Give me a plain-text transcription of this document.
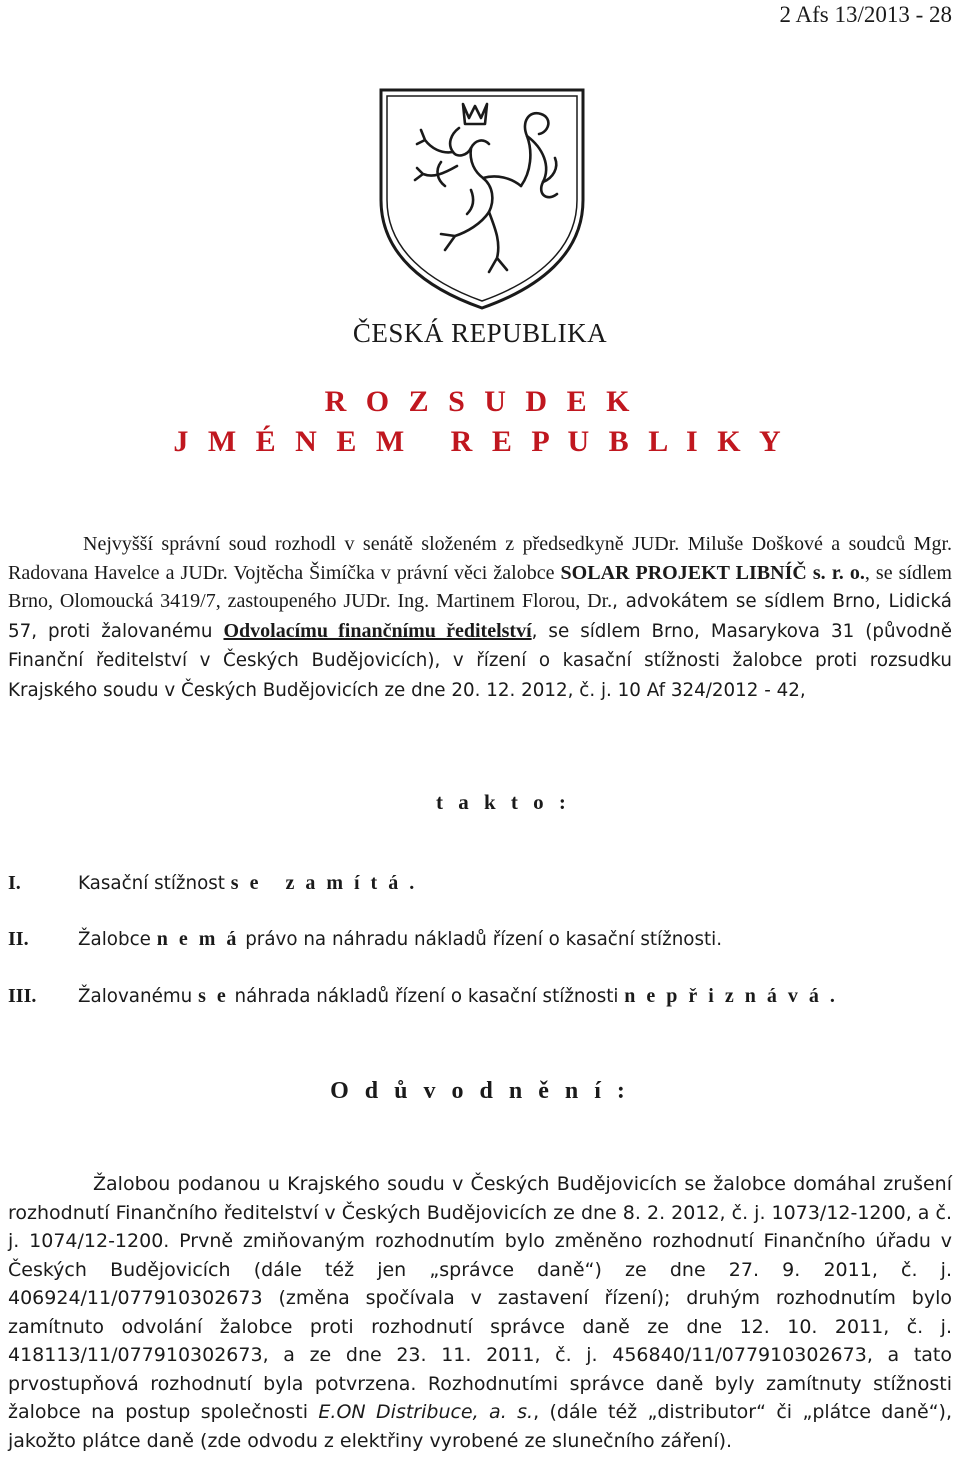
2 Afs 13/2013 - 28
ČESKÁ REPUBLIKA
R O Z S U D E K
J M É N E M   R E P U B L I K Y
Nejvyšší správní soud rozhodl v senátě složeném z předsedkyně JUDr. Miluše Doškové a soudců Mgr. Radovana Havelce a JUDr. Vojtěcha Šimíčka v právní věci žalobce SOLAR PROJEKT LIBNÍČ s. r. o., se sídlem Brno, Olomoucká 3419/7, zastoupeného JUDr. Ing. Martinem Florou, Dr., advokátem se sídlem Brno, Lidická 57, proti žalovanému Odvolacímu finančnímu ředitelství, se sídlem Brno, Masarykova 31 (původně Finanční ředitelství v Českých Budějovicích), v řízení o kasační stížnosti žalobce proti rozsudku Krajského soudu v Českých Budějovicích ze dne 20. 12. 2012, č. j. 10 Af 324/2012 - 42,
t a k t o :
I.	Kasační stížnost s e   z a m í t á .
II.	Žalobce n e m á právo na náhradu nákladů řízení o kasační stížnosti.
III. Žalovanému s e náhrada nákladů řízení o kasační stížnosti n e p ř i z n á v á .
O d ů v o d n ě n í :
Žalobou podanou u Krajského soudu v Českých Budějovicích se žalobce domáhal zrušení rozhodnutí Finančního ředitelství v Českých Budějovicích ze dne 8. 2. 2012, č. j. 1073/12-1200, a č. j. 1074/12-1200. Prvně zmiňovaným rozhodnutím bylo změněno rozhodnutí Finančního úřadu v Českých Budějovicích (dále též jen „správce daně“) ze dne 27. 9. 2011, č. j. 406924/11/077910302673 (změna spočívala v zastavení řízení); druhým rozhodnutím bylo zamítnuto odvolání žalobce proti rozhodnutí správce daně ze dne 12. 10. 2011, č. j. 418113/11/077910302673, a ze dne 23. 11. 2011, č. j. 456840/11/077910302673, a tato prvostupňová rozhodnutí byla potvrzena. Rozhodnutími správce daně byly zamítnuty stížnosti žalobce na postup společnosti E.ON Distribuce, a. s., (dále též „distributor“ či „plátce daně“), jakožto plátce daně (zde odvodu z elektřiny vyrobené ze slunečního záření).
